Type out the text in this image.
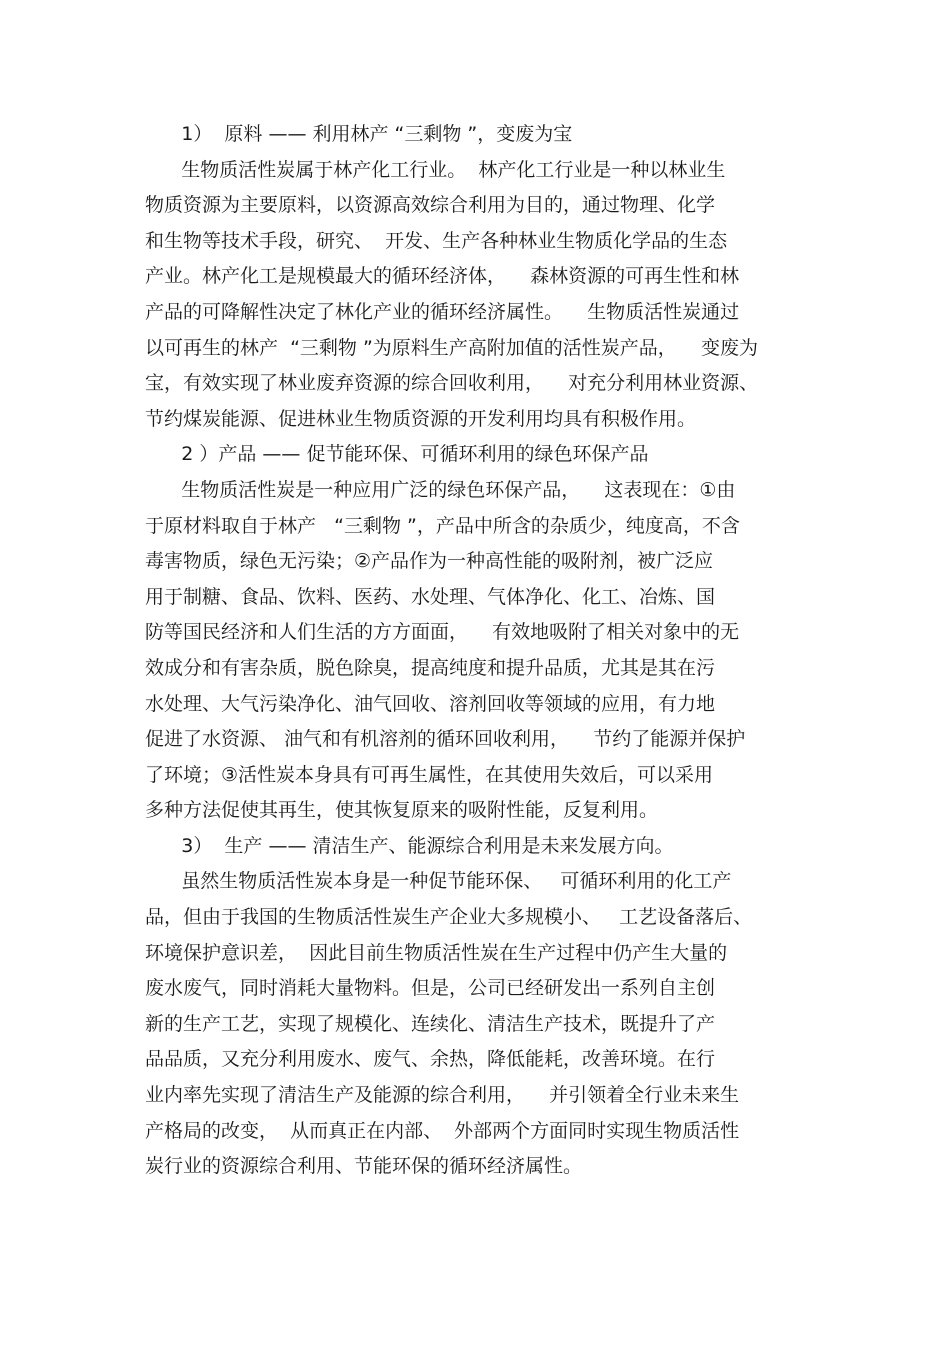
1）  原料 —— 利用林产 “三剩物 ”，变废为宝
生物质活性炭属于林产化工行业。  林产化工行业是一种以林业生
物质资源为主要原料，以资源高效综合利用为目的，通过物理、化学
和生物等技术手段，研究、  开发、生产各种林业生物质化学品的生态
产业。林产化工是规模最大的循环经济体，    森林资源的可再生性和林
产品的可降解性决定了林化产业的循环经济属性。    生物质活性炭通过
以可再生的林产  “三剩物 ”为原料生产高附加值的活性炭产品，    变废为
宝，有效实现了林业废弃资源的综合回收利用，    对充分利用林业资源、
节约煤炭能源、促进林业生物质资源的开发利用均具有积极作用。
2 ）产品 —— 促节能环保、可循环利用的绿色环保产品
生物质活性炭是一种应用广泛的绿色环保产品，    这表现在：①由
于原材料取自于林产   “三剩物 ”，产品中所含的杂质少，纯度高，不含
毒害物质，绿色无污染；②产品作为一种高性能的吸附剂，被广泛应
用于制糖、食品、饮料、医药、水处理、气体净化、化工、冶炼、国
防等国民经济和人们生活的方方面面，    有效地吸附了相关对象中的无
效成分和有害杂质，脱色除臭，提高纯度和提升品质，尤其是其在污
水处理、大气污染净化、油气回收、溶剂回收等领域的应用，有力地
促进了水资源、 油气和有机溶剂的循环回收利用，    节约了能源并保护
了环境；③活性炭本身具有可再生属性，在其使用失效后，可以采用
多种方法促使其再生，使其恢复原来的吸附性能，反复利用。
3）  生产 —— 清洁生产、能源综合利用是未来发展方向。
虽然生物质活性炭本身是一种促节能环保、   可循环利用的化工产
品，但由于我国的生物质活性炭生产企业大多规模小、   工艺设备落后、
环境保护意识差，  因此目前生物质活性炭在生产过程中仍产生大量的
废水废气，同时消耗大量物料。但是，公司已经研发出一系列自主创
新的生产工艺，实现了规模化、连续化、清洁生产技术，既提升了产
品品质，又充分利用废水、废气、余热，降低能耗，改善环境。在行
业内率先实现了清洁生产及能源的综合利用，    并引领着全行业未来生
产格局的改变，  从而真正在内部、  外部两个方面同时实现生物质活性
炭行业的资源综合利用、节能环保的循环经济属性。
